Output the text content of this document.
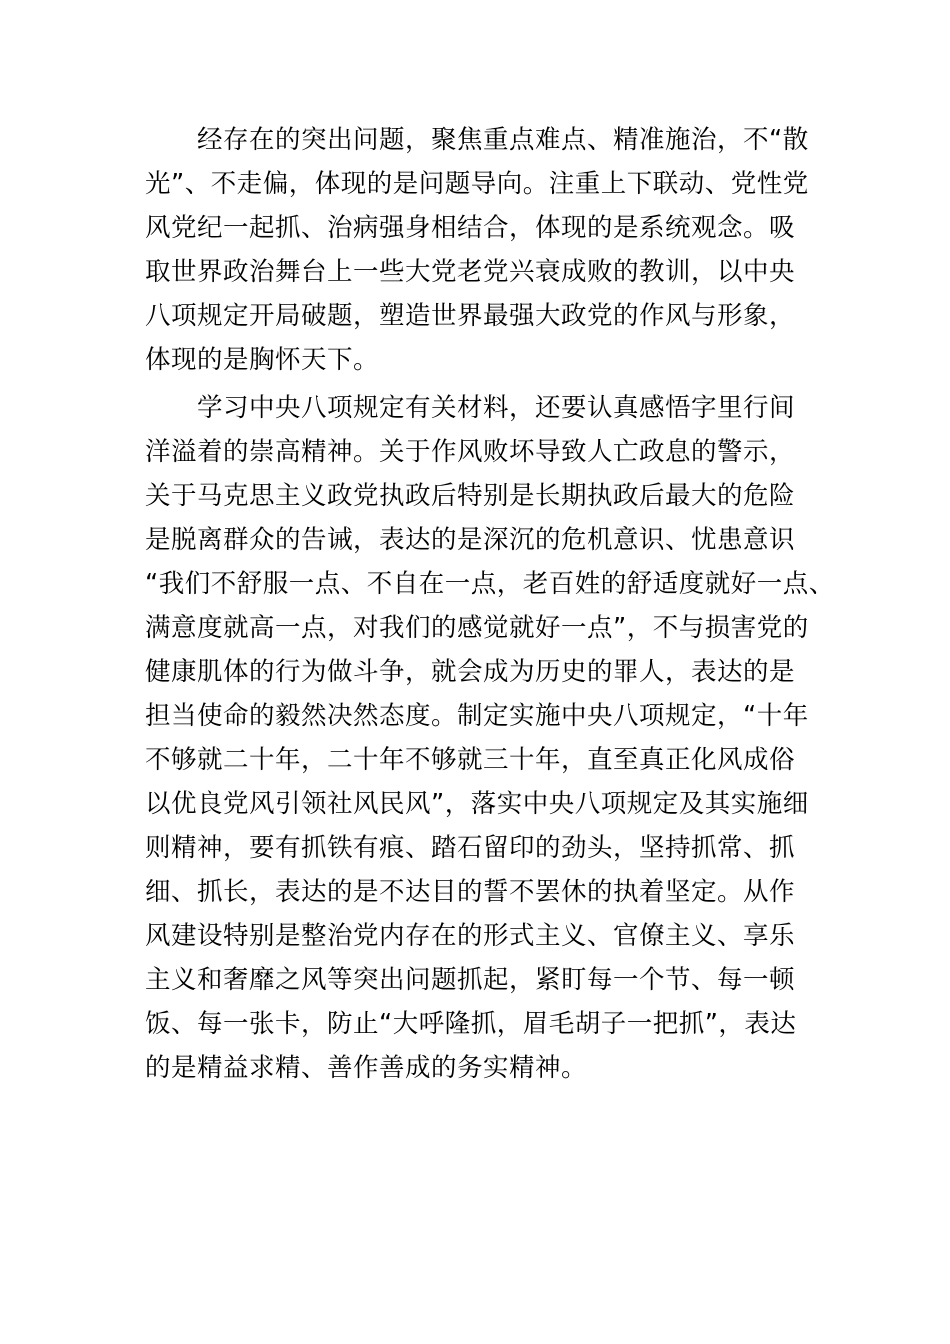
经存在的突出问题，聚焦重点难点、精准施治，不“散
光”、不走偏，体现的是问题导向。注重上下联动、党性党
风党纪一起抓、治病强身相结合，体现的是系统观念。吸
取世界政治舞台上一些大党老党兴衰成败的教训，以中央
八项规定开局破题，塑造世界最强大政党的作风与形象，
体现的是胸怀天下。
学习中央八项规定有关材料，还要认真感悟字里行间
洋溢着的崇高精神。关于作风败坏导致人亡政息的警示，
关于马克思主义政党执政后特别是长期执政后最大的危险
是脱离群众的告诫，表达的是深沉的危机意识、忧患意识
“我们不舒服一点、不自在一点，老百姓的舒适度就好一点、
满意度就高一点，对我们的感觉就好一点”，不与损害党的
健康肌体的行为做斗争，就会成为历史的罪人，表达的是
担当使命的毅然决然态度。制定实施中央八项规定，“十年
不够就二十年，二十年不够就三十年，直至真正化风成俗
以优良党风引领社风民风”，落实中央八项规定及其实施细
则精神，要有抓铁有痕、踏石留印的劲头，坚持抓常、抓
细、抓长，表达的是不达目的誓不罢休的执着坚定。从作
风建设特别是整治党内存在的形式主义、官僚主义、享乐
主义和奢靡之风等突出问题抓起，紧盯每一个节、每一顿
饭、每一张卡，防止“大呼隆抓，眉毛胡子一把抓”，表达
的是精益求精、善作善成的务实精神。
